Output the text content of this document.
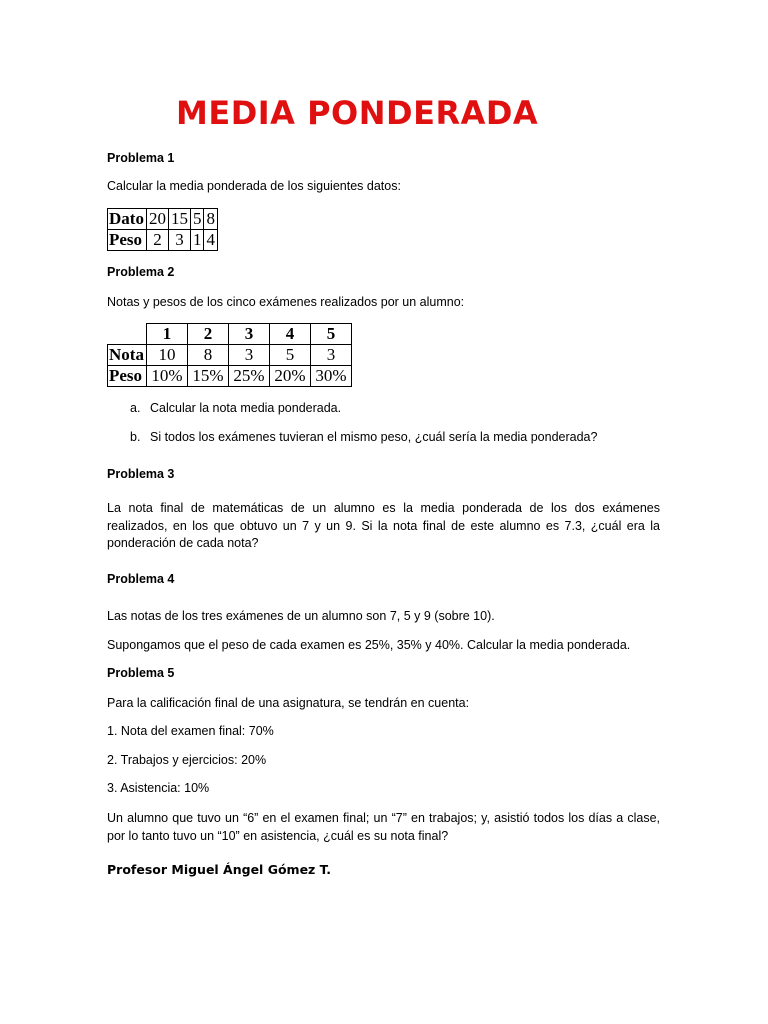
MEDIA PONDERADA
Problema 1
Calcular la media ponderada de los siguientes datos:
Dato	20	15	5	8
Peso	2	3	1	4
Problema 2
Notas y pesos de los cinco exámenes realizados por un alumno:
	1	2	3	4	5
Nota	10	8	3	5	3
Peso	10%	15%	25%	20%	30%
a. Calcular la nota media ponderada.
b. Si todos los exámenes tuvieran el mismo peso, ¿cuál sería la media ponderada?
Problema 3
La nota final de matemáticas de un alumno es la media ponderada de los dos exámenes realizados, en los que obtuvo un 7 y un 9. Si la nota final de este alumno es 7.3, ¿cuál era la ponderación de cada nota?
Problema 4
Las notas de los tres exámenes de un alumno son 7, 5 y 9 (sobre 10).
Supongamos que el peso de cada examen es 25%, 35% y 40%. Calcular la media ponderada.
Problema 5
Para la calificación final de una asignatura, se tendrán en cuenta:
1. Nota del examen final: 70%
2. Trabajos y ejercicios: 20%
3. Asistencia: 10%
Un alumno que tuvo un “6” en el examen final; un “7” en trabajos; y, asistió todos los días a clase, por lo tanto tuvo un “10” en asistencia, ¿cuál es su nota final?
Profesor Miguel Ángel Gómez T.
